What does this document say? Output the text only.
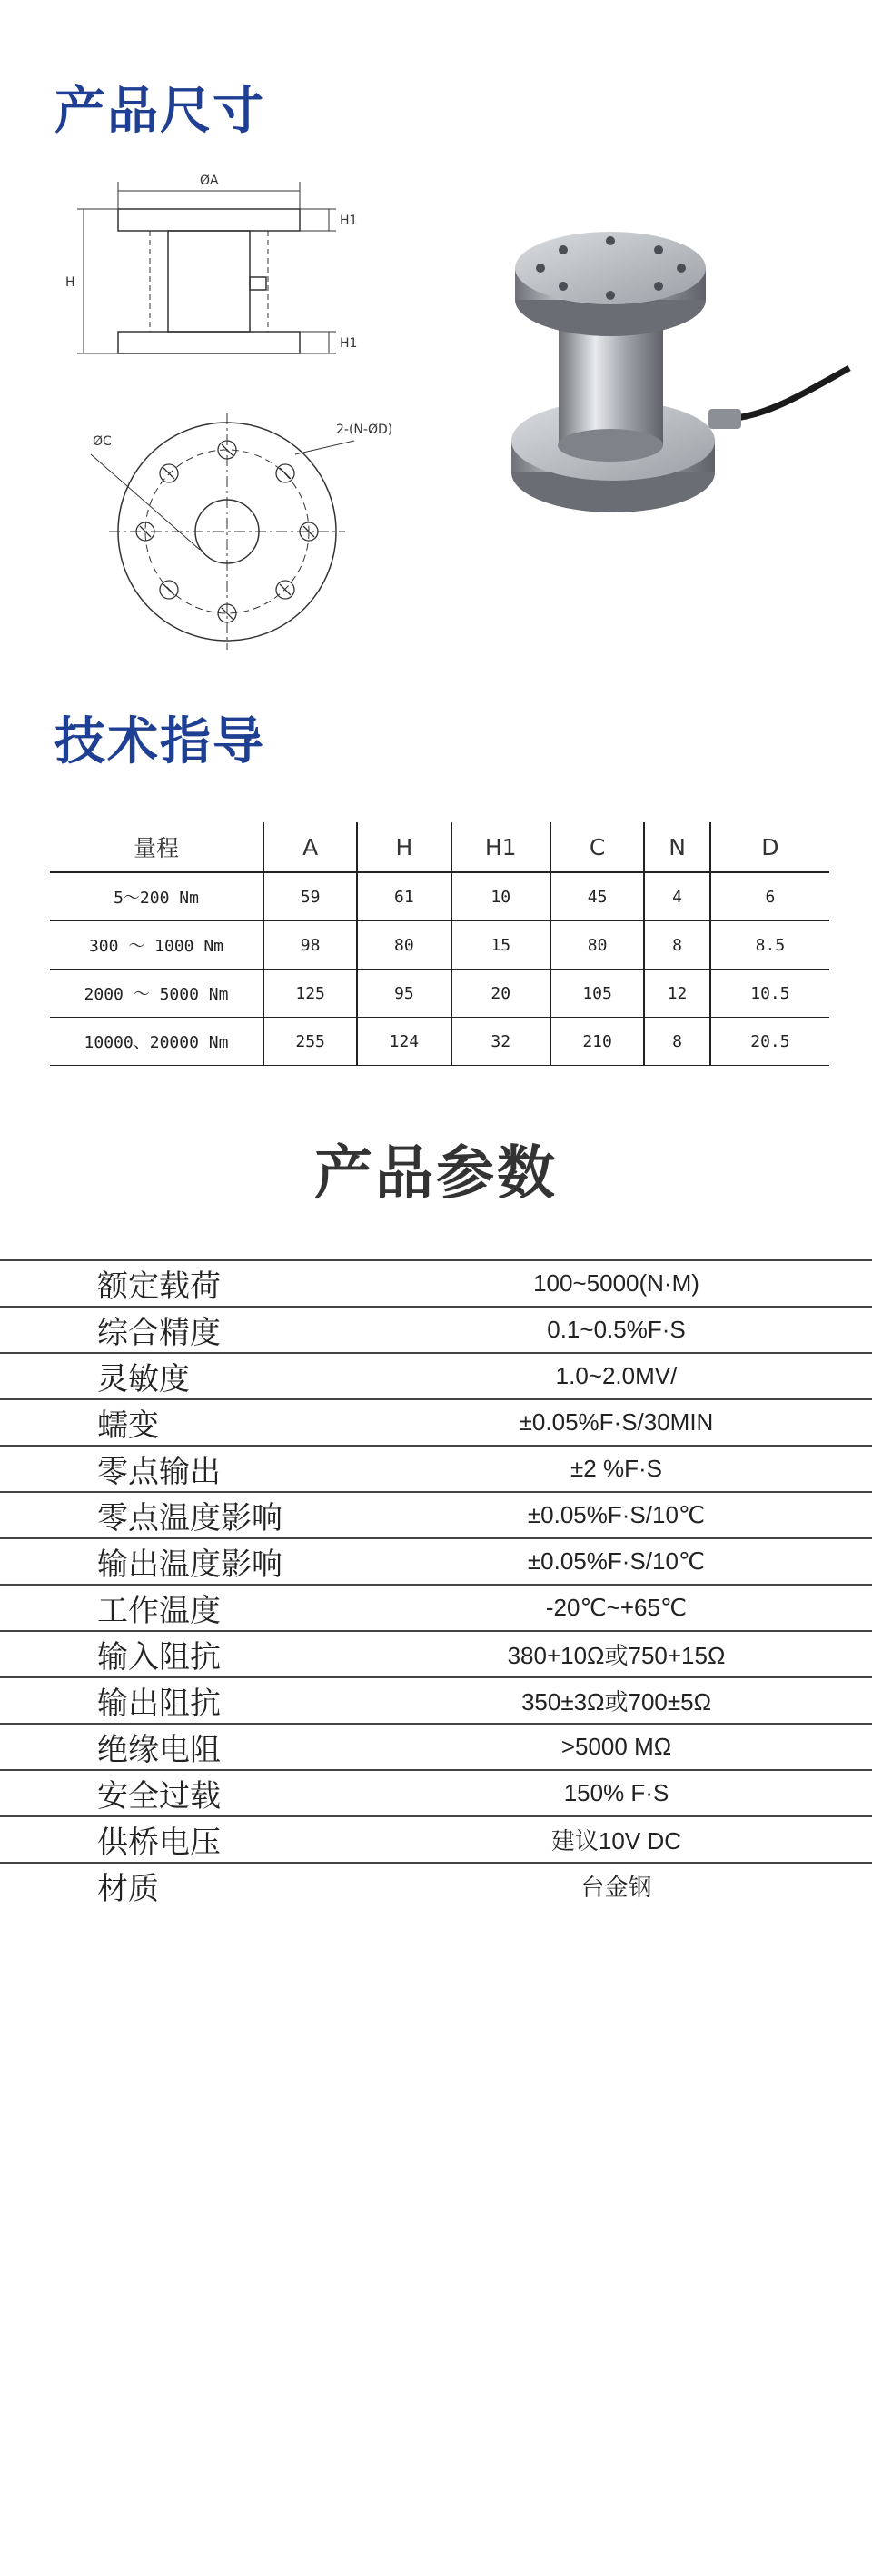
产品尺寸
ØA
H
H1
H1
ØC
2-(N-ØD)
技术指导
量程	A	H	H1	C	N	D
5～200 Nm	59	61	10	45	4	6
300 ～ 1000 Nm	98	80	15	80	8	8.5
2000 ～ 5000 Nm	125	95	20	105	12	10.5
10000、20000 Nm	255	124	32	210	8	20.5
产品参数
额定载荷	100~5000(N·M)
综合精度	0.1~0.5%F·S
灵敏度	1.0~2.0MV/
蠕变	±0.05%F·S/30MIN
零点输出	±2 %F·S
零点温度影响	±0.05%F·S/10℃
输出温度影响	±0.05%F·S/10℃
工作温度	-20℃~+65℃
输入阻抗	380+10Ω或750+15Ω
输出阻抗	350±3Ω或700±5Ω
绝缘电阻	>5000 MΩ
安全过载	150% F·S
供桥电压	建议10V DC
材质	台金钢
